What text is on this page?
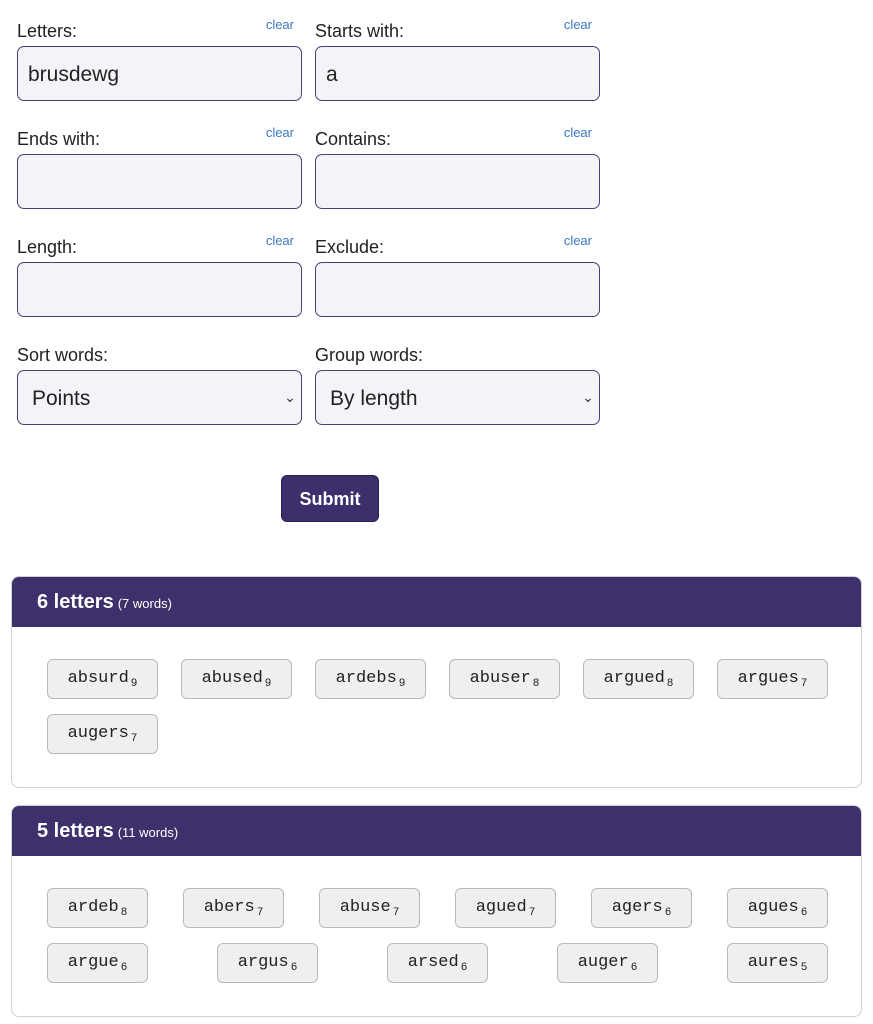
Letters:	clear
brusdewg
Starts with:	clear
a
Ends with:	clear Contains:	clear
Length:	clear Exclude:	clear
Sort words:
Points	⌄
Group words:
By length	⌄
Submit
6 letters (7 words)
absurd $_9$	abused $_9$	ardebs $_9$	abuser $_8$	argued $_8$	argues $_7$
augers $_7$
5 letters (11 words)
ardeb $_8$	abers $_7$	abuse $_7$	agued $_7$	agers $_6$	agues $_6$
argue $_6$	argus $_6$	arsed $_6$	auger $_6$	aures $_5$
